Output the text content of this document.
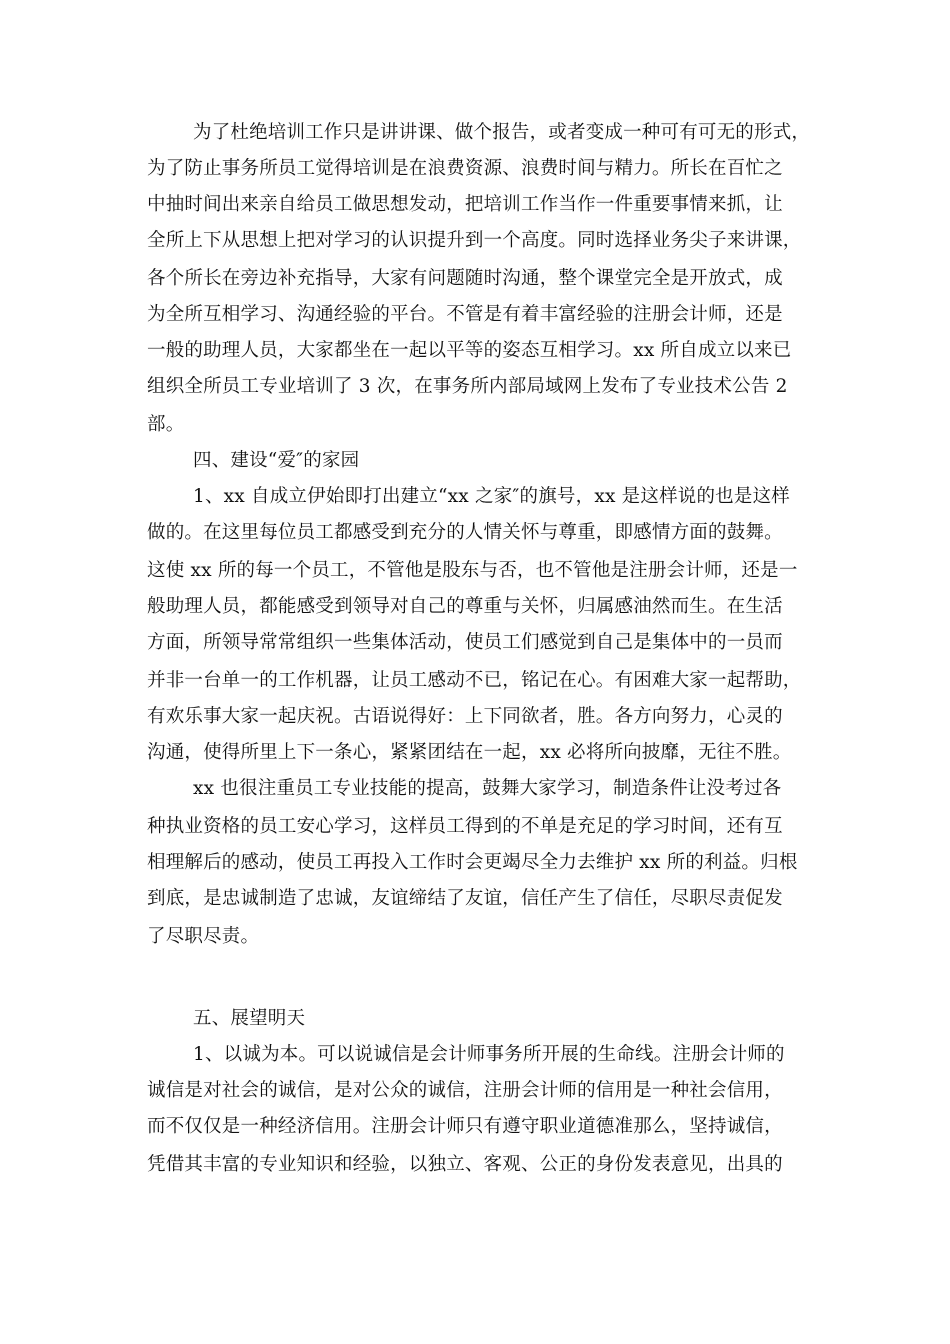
为了杜绝培训工作只是讲讲课、做个报告，或者变成一种可有可无的形式，
为了防止事务所员工觉得培训是在浪费资源、浪费时间与精力。所长在百忙之
中抽时间出来亲自给员工做思想发动，把培训工作当作一件重要事情来抓，让
全所上下从思想上把对学习的认识提升到一个高度。同时选择业务尖子来讲课，
各个所长在旁边补充指导，大家有问题随时沟通，整个课堂完全是开放式，成
为全所互相学习、沟通经验的平台。不管是有着丰富经验的注册会计师，还是
一般的助理人员，大家都坐在一起以平等的姿态互相学习。xx 所自成立以来已
组织全所员工专业培训了 3 次，在事务所内部局域网上发布了专业技术公告 2
部。
四、建设“爱″的家园
1、xx 自成立伊始即打出建立“xx 之家″的旗号，xx 是这样说的也是这样
做的。在这里每位员工都感受到充分的人情关怀与尊重，即感情方面的鼓舞。
这使 xx 所的每一个员工，不管他是股东与否，也不管他是注册会计师，还是一
般助理人员，都能感受到领导对自己的尊重与关怀，归属感油然而生。在生活
方面，所领导常常组织一些集体活动，使员工们感觉到自己是集体中的一员而
并非一台单一的工作机器，让员工感动不已，铭记在心。有困难大家一起帮助，
有欢乐事大家一起庆祝。古语说得好：上下同欲者，胜。各方向努力，心灵的
沟通，使得所里上下一条心，紧紧团结在一起，xx 必将所向披靡，无往不胜。
xx 也很注重员工专业技能的提高，鼓舞大家学习，制造条件让没考过各
种执业资格的员工安心学习，这样员工得到的不单是充足的学习时间，还有互
相理解后的感动，使员工再投入工作时会更竭尽全力去维护 xx 所的利益。归根
到底，是忠诚制造了忠诚，友谊缔结了友谊，信任产生了信任，尽职尽责促发
了尽职尽责。
五、展望明天
1、以诚为本。可以说诚信是会计师事务所开展的生命线。注册会计师的
诚信是对社会的诚信，是对公众的诚信，注册会计师的信用是一种社会信用，
而不仅仅是一种经济信用。注册会计师只有遵守职业道德准那么，坚持诚信，
凭借其丰富的专业知识和经验，以独立、客观、公正的身份发表意见，出具的
